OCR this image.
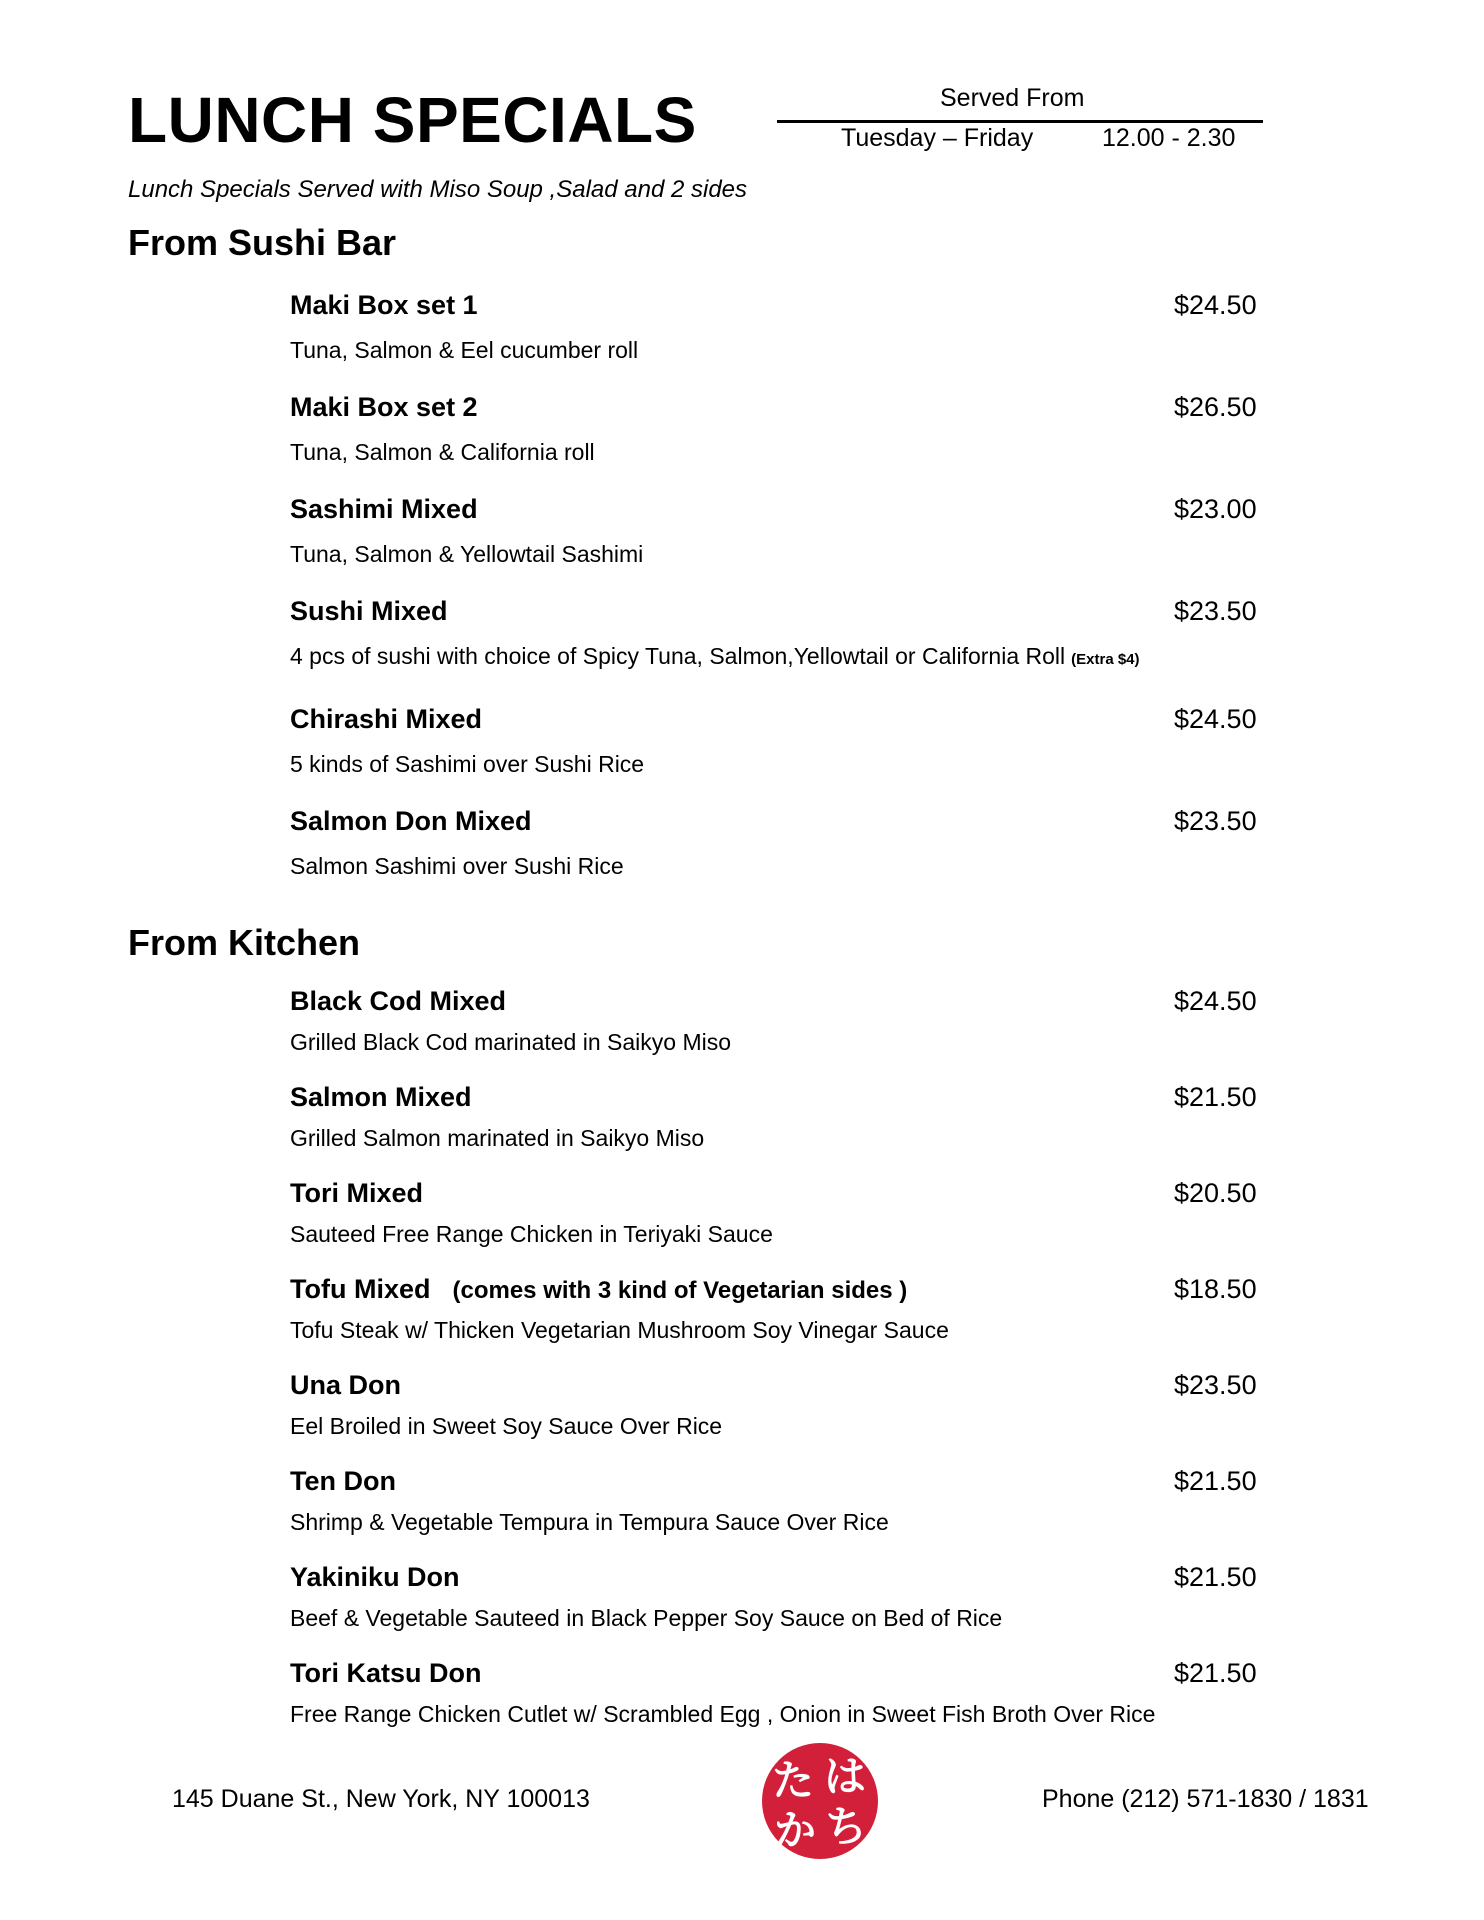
LUNCH SPECIALS	Served From
Tuesday – Friday	12.00 - 2.30
Lunch Specials Served with Miso Soup ,Salad and 2 sides
From Sushi Bar
Maki Box set 1	$24.50
Tuna, Salmon & Eel cucumber roll
Maki Box set 2	$26.50
Tuna, Salmon & California roll
Sashimi Mixed	$23.00
Tuna, Salmon & Yellowtail Sashimi
Sushi Mixed	$23.50
4 pcs of sushi with choice of Spicy Tuna, Salmon,Yellowtail or California Roll (Extra $4)
Chirashi Mixed	$24.50
5 kinds of Sashimi over Sushi Rice
Salmon Don Mixed	$23.50
Salmon Sashimi over Sushi Rice
From Kitchen
Black Cod Mixed	$24.50
Grilled Black Cod marinated in Saikyo Miso
Salmon Mixed	$21.50
Grilled Salmon marinated in Saikyo Miso
Tori Mixed	$20.50
Sauteed Free Range Chicken in Teriyaki Sauce
Tofu Mixed (comes with 3 kind of Vegetarian sides )	$18.50
Tofu Steak w/ Thicken Vegetarian Mushroom Soy Vinegar Sauce
Una Don	$23.50
Eel Broiled in Sweet Soy Sauce Over Rice
Ten Don	$21.50
Shrimp & Vegetable Tempura in Tempura Sauce Over Rice
Yakiniku Don	$21.50
Beef & Vegetable Sauteed in Black Pepper Soy Sauce on Bed of Rice
Tori Katsu Don	$21.50
Free Range Chicken Cutlet w/ Scrambled Egg , Onion in Sweet Fish Broth Over Rice
145 Duane St., New York, NY 100013	た は
か ち
Phone (212) 571-1830 / 1831
